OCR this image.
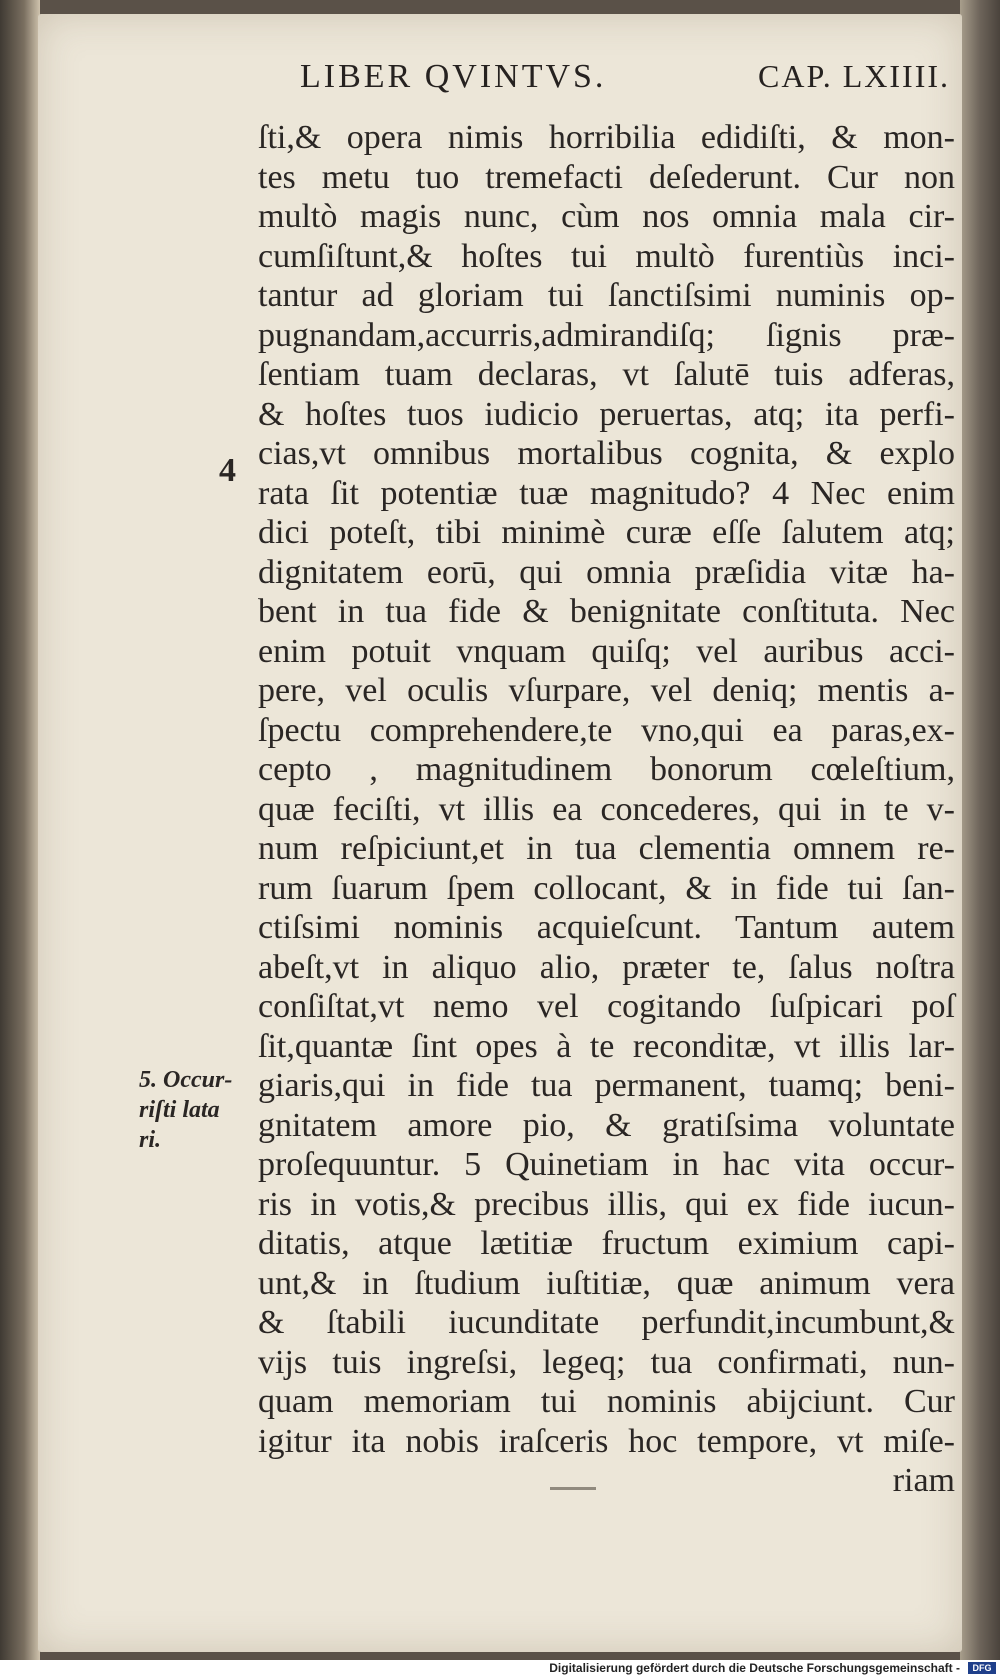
LIBER QVINTVS.	CAP. LXIIII.
4
5. Occur-
riſti lata
ri.
ſti,& opera nimis horribilia edidiſti, & mon-
tes metu tuo tremefacti deſederunt. Cur non
multò magis nunc, cùm nos omnia mala cir-
cumſiſtunt,& hoſtes tui multò furentiùs inci-
tantur ad gloriam tui ſanctiſsimi numinis op-
pugnandam,accurris,admirandiſq; ſignis præ-
ſentiam tuam declaras, vt ſalutē tuis adferas,
& hoſtes tuos iudicio peruertas, atq; ita perfi-
cias,vt omnibus mortalibus cognita, & explo
rata ſit potentiæ tuæ magnitudo? 4 Nec enim
dici poteſt, tibi minimè curæ eſſe ſalutem atq;
dignitatem eorū, qui omnia præſidia vitæ ha-
bent in tua fide & benignitate conſtituta. Nec
enim potuit vnquam quiſq; vel auribus acci-
pere, vel oculis vſurpare, vel deniq; mentis a-
ſpectu comprehendere,te vno,qui ea paras,ex-
cepto , magnitudinem bonorum cœleſtium,
quæ feciſti, vt illis ea concederes, qui in te v-
num reſpiciunt,et in tua clementia omnem re-
rum ſuarum ſpem collocant, & in fide tui ſan-
ctiſsimi nominis acquieſcunt. Tantum autem
abeſt,vt in aliquo alio, præter te, ſalus noſtra
conſiſtat,vt nemo vel cogitando ſuſpicari poſ
ſit,quantæ ſint opes à te reconditæ, vt illis lar-
giaris,qui in fide tua permanent, tuamq; beni-
gnitatem amore pio, & gratiſsima voluntate
proſequuntur. 5 Quinetiam in hac vita occur-
ris in votis,& precibus illis, qui ex fide iucun-
ditatis, atque lætitiæ fructum eximium capi-
unt,& in ſtudium iuſtitiæ, quæ animum vera
& ſtabili iucunditate perfundit,incumbunt,&
vijs tuis ingreſsi, legeq; tua confirmati, nun-
quam memoriam tui nominis abijciunt. Cur
igitur ita nobis iraſceris hoc tempore, vt miſe-
riam
Digitalisierung gefördert durch die Deutsche Forschungsgemeinschaft -	DFG
